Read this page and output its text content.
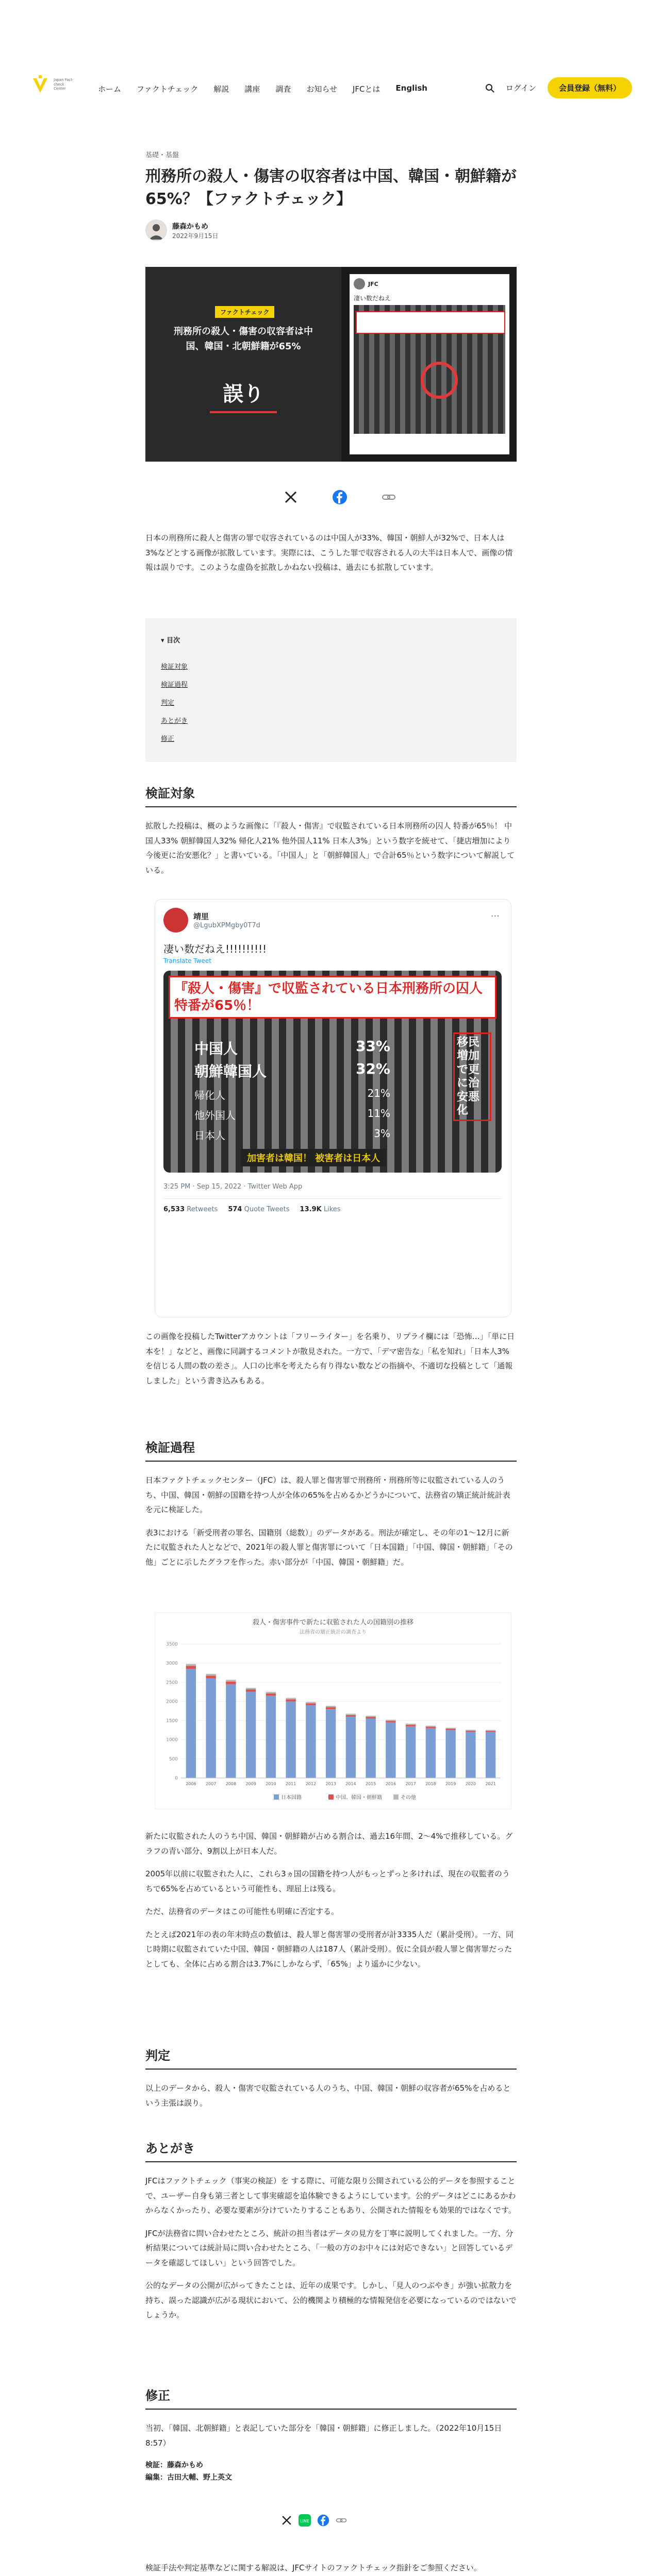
Japan Fact-check Center	ホーム ファクトチェック 解説 講座 調査 お知らせ JFCとは English	ログイン	会員登録（無料）
基礎・基盤
刑務所の殺人・傷害の収容者は中国、韓国・朝鮮籍が65%？【ファクトチェック】
藤森かもめ
2022年9月15日
ファクトチェック
刑務所の殺人・傷害の収容者は中国、韓国・北朝鮮籍が65%
誤り
JFC
凄い数だねえ

日本の刑務所に殺人と傷害の罪で収容されているのは中国人が33%、韓国・朝鮮人が32%で、日本人は3%などとする画像が拡散しています。実際には、こうした罪で収容される人の大半は日本人で、画像の情報は誤りです。このような虚偽を拡散しかねない投稿は、過去にも拡散しています。

▾ 目次
検証対象
検証過程
判定
あとがき
修正
検証対象

拡散した投稿は、概のような画像に「『殺人・傷害』で収監されている日本刑務所の囚人 特番が65％！ 中国人33% 朝鮮韓国人32% 帰化人21% 他外国人11% 日本人3%」という数字を統せて、「捷店増加により今後更に治安悪化？」と書いている。「中国人」と「朝鮮韓国人」で合計65％という数字について解説している。

靖里
@LgubXPMgby0T7d
···
凄い数だねえ!!!!!!!!!!
Translate Tweet
『殺人・傷害』で収監されている日本刑務所の囚人 特番が65％！
中国人	33%
朝鮮韓国人	32%
帰化人	21%
他外国人	11%
日本人	3%
移民増加で更に治安悪化
加害者は韓国！ 被害者は日本人
3:25 PM · Sep 15, 2022 · Twitter Web App
6,533 Retweets 574 Quote Tweets 13.9K Likes

この画像を投稿したTwitterアカウントは「フリーライター」を名乗り、リプライ欄には「恐怖…」「単に日本を！」などと、画像に同調するコメントが散見された。一方で、「デマ密告な」「私を知れ」「日本人3%を信じる人間の数の差さ」。人口の比率を考えたら有り得ない数などの指摘や、不適切な投稿として「通報しました」という書き込みもある。

検証過程

日本ファクトチェックセンター（JFC）は、殺人罪と傷害罪で刑務所・刑務所等に収監されている人のうち、中国、韓国・朝鮮の国籍を持つ人が全体の65%を占めるかどうかについて、法務省の矯正統計統計表を元に検証した。

表3における「新受刑者の罪名、国籍別（総数）」のデータがある。刑法が確定し、その年の1～12月に新たに収監された人となどで、2021年の殺人罪と傷害罪について「日本国籍」「中国、韓国・朝鮮籍」「その他」ごとに示したグラフを作った。赤い部分が「中国、韓国・朝鮮籍」だ。

殺人・傷害事件で新たに収監された人の国籍別の推移
法務省の矯正統計の調査より
0
500
1000
1500
2000
2500
3000
3500
2006 2007 2008 2009 2010 2011 2012 2013 2014 2015 2016 2017 2018 2019 2020 2021
日本国籍	中国、韓国・朝鮮籍	その他

新たに収監された人のうち中国、韓国・朝鮮籍が占める割合は、過去16年間、2～4%で推移している。グラフの青い部分、9割以上が日本人だ。

2005年以前に収監された人に、これら3ヵ国の国籍を持つ人がもっとずっと多ければ、現在の収監者のうちで65%を占めているという可能性も、理屈上は残る。

ただ、法務省のデータはこの可能性も明確に否定する。

たとえば2021年の表の年末時点の数値は、殺人罪と傷害罪の受刑者が計3335人だ（累計受刑）。一方、同じ時期に収監されていた中国、韓国・朝鮮籍の人は187人（累計受刑）。仮に全員が殺人罪と傷害罪だったとしても、全体に占める割合は3.7%にしかならず、「65%」より遥かに少ない。

判定

以上のデータから、殺人・傷害で収監されている人のうち、中国、韓国・朝鮮の収容者が65%を占めるという主張は誤り。

あとがき

JFCはファクトチェック（事実の検証）を する際に、可能な限り公開されている公的データを参照することで、ユーザー自身も第三者として事実確認を追体験できるようにしています。公的データはどこにあるかわからなくかったり、必要な要素が分けていたりすることもあり、公開された情報をも効果的ではなくです。

JFCが法務省に問い合わせたところ、統計の担当者はデータの見方を丁寧に説明してくれました。一方、分析結果については統計局に問い合わせたところ、「一般の方のお中々には対応できない」と回答しているデータを確認してほしい」という回答でした。

公的なデータの公開が広がってきたことは、近年の成果です。しかし、「見人のつぶやき」が強い拡散力を持ち、誤った認識が広がる現状において、公的機関より積極的な情報発信を必要になっているのではないでしょうか。

修正

当初、「韓国、北朝鮮籍」と表記していた部分を「韓国・朝鮮籍」に修正しました。（2022年10月15日8:57）

検証：藤森かもめ
編集：古田大輔、野上英文
LINE

検証手法や判定基準などに関する解説は、JFCサイトのファクトチェック指針をご参照ください。
